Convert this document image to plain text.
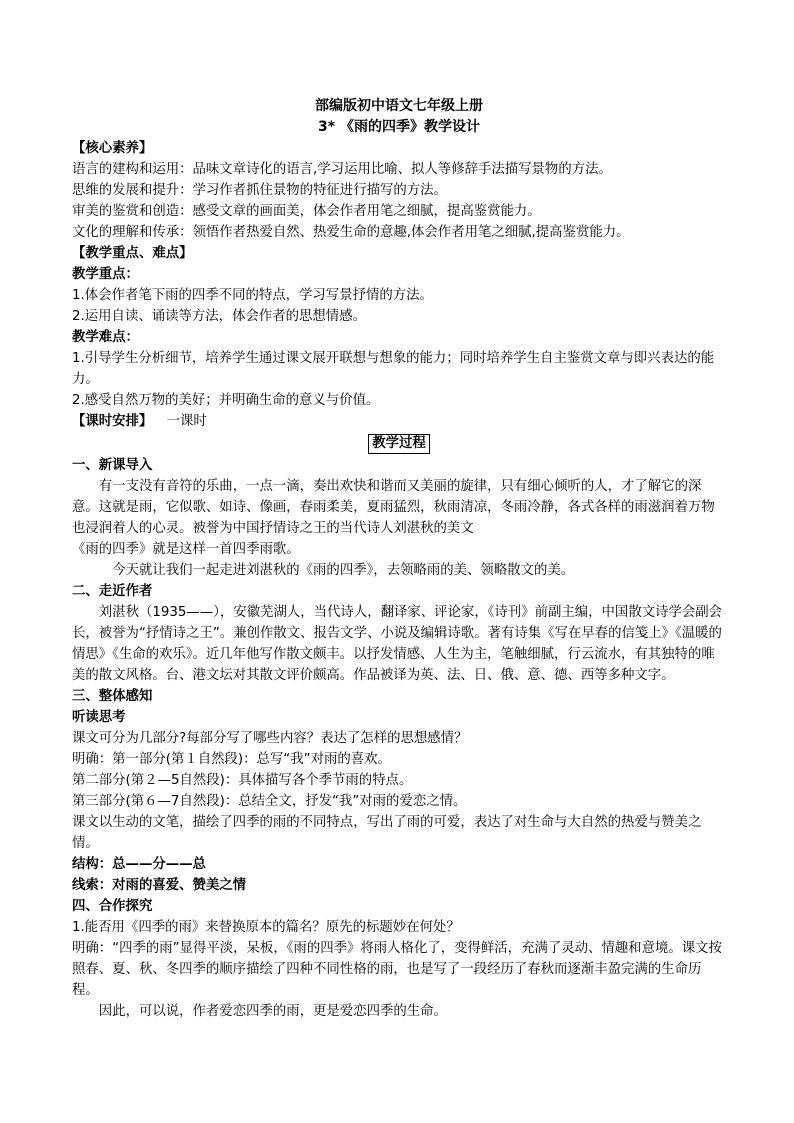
部编版初中语文七年级上册

3* 《雨的四季》教学设计

【核心素养】

语言的建构和运用：品味文章诗化的语言,学习运用比喻、拟人等修辞手法描写景物的方法。

思维的发展和提升：学习作者抓住景物的特征进行描写的方法。

审美的鉴赏和创造：感受文章的画面美，体会作者用笔之细腻，提高鉴赏能力。

文化的理解和传承：领悟作者热爱自然、热爱生命的意趣,体会作者用笔之细腻,提高鉴赏能力。

【教学重点、难点】

教学重点：

1.体会作者笔下雨的四季不同的特点，学习写景抒情的方法。

2.运用自读、诵读等方法，体会作者的思想情感。

教学难点：

1.引导学生分析细节，培养学生通过课文展开联想与想象的能力；同时培养学生自主鉴赏文章与即兴表达的能力。

2.感受自然万物的美好；并明确生命的意义与价值。

【课时安排】 一课时

教学过程

一、新课导入

有一支没有音符的乐曲，一点一滴，奏出欢快和谐而又美丽的旋律，只有细心倾听的人，才了解它的深意。这就是雨，它似歌、如诗、像画，春雨柔美，夏雨猛烈，秋雨清凉，冬雨冷静，各式各样的雨滋润着万物也浸润着人的心灵。被誉为中国抒情诗之王的当代诗人刘湛秋的美文

《雨的四季》就是这样一首四季雨歌。

今天就让我们一起走进刘湛秋的《雨的四季》，去领略雨的美、领略散文的美。

二、走近作者

刘湛秋（1935——），安徽芜湖人，当代诗人，翻译家、评论家，《诗刊》前副主编，中国散文诗学会副会长，被誉为“抒情诗之王”。兼创作散文、报告文学、小说及编辑诗歌。著有诗集《写在早春的信笺上》《温暖的情思》《生命的欢乐》。近几年他写作散文颇丰。以抒发情感、人生为主，笔触细腻，行云流水，有其独特的唯美的散文风格。台、港文坛对其散文评价颇高。作品被译为英、法、日、俄、意、德、西等多种文字。

三、整体感知

听读思考

课文可分为几部分?每部分写了哪些内容？表达了怎样的思想感情？

明确：第一部分(第１自然段)：总写“我”对雨的喜欢。

第二部分(第２—5自然段)：具体描写各个季节雨的特点。

第三部分(第６—7自然段)：总结全文，抒发“我”对雨的爱恋之情。

课文以生动的文笔，描绘了四季的雨的不同特点，写出了雨的可爱，表达了对生命与大自然的热爱与赞美之情。

结构：总——分——总

线索：对雨的喜爱、赞美之情

四、合作探究

1.能否用《四季的雨》来替换原本的篇名？原先的标题妙在何处？

明确：“四季的雨”显得平淡，呆板，《雨的四季》将雨人格化了，变得鲜活，充满了灵动、情趣和意境。课文按照春、夏、秋、冬四季的顺序描绘了四种不同性格的雨，也是写了一段经历了春秋而逐渐丰盈完满的生命历程。

因此，可以说，作者爱恋四季的雨，更是爱恋四季的生命。
